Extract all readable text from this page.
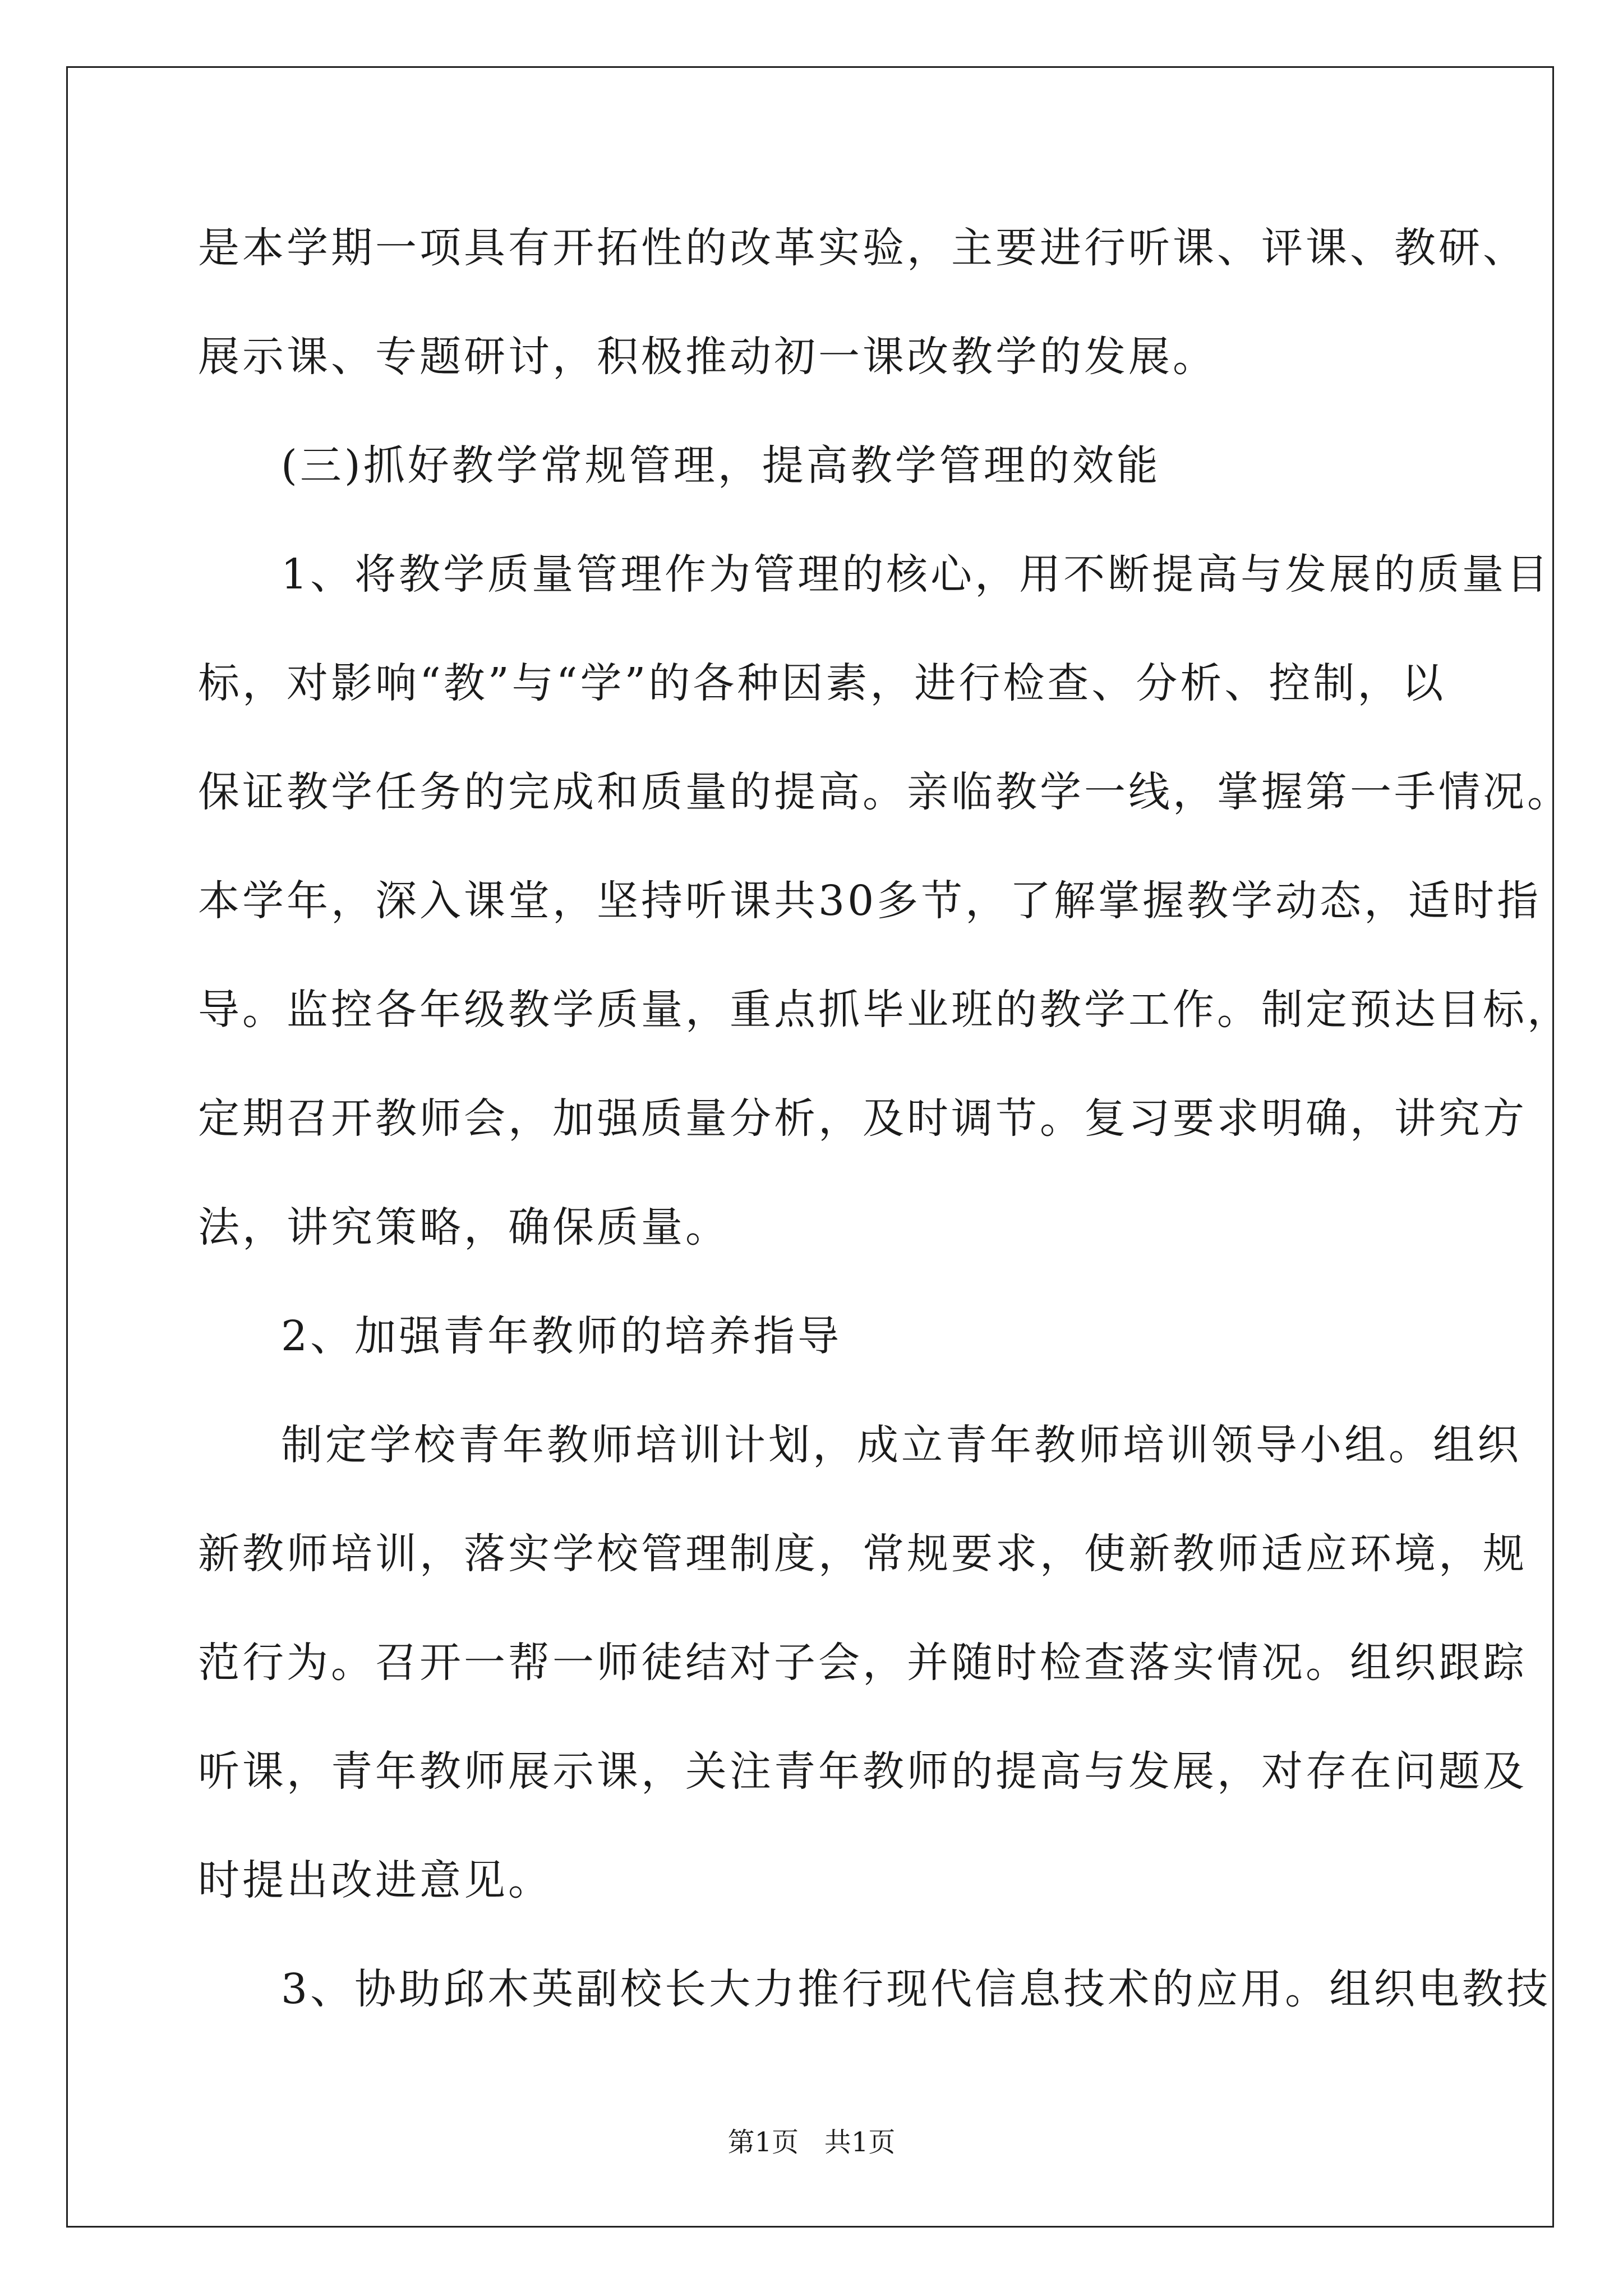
是本学期一项具有开拓性的改革实验，主要进行听课、评课、教研、
展示课、专题研讨，积极推动初一课改教学的发展。
(三)抓好教学常规管理，提高教学管理的效能
1、将教学质量管理作为管理的核心，用不断提高与发展的质量目
标，对影响“教”与“学”的各种因素，进行检查、分析、控制，以
保证教学任务的完成和质量的提高。亲临教学一线，掌握第一手情况。
本学年，深入课堂，坚持听课共30多节，了解掌握教学动态，适时指
导。监控各年级教学质量，重点抓毕业班的教学工作。制定预达目标，
定期召开教师会，加强质量分析，及时调节。复习要求明确，讲究方
法，讲究策略，确保质量。
2、加强青年教师的培养指导
制定学校青年教师培训计划，成立青年教师培训领导小组。组织
新教师培训，落实学校管理制度，常规要求，使新教师适应环境，规
范行为。召开一帮一师徒结对子会，并随时检查落实情况。组织跟踪
听课，青年教师展示课，关注青年教师的提高与发展，对存在问题及
时提出改进意见。
3、协助邱木英副校长大力推行现代信息技术的应用。组织电教技
第1页   共1页
